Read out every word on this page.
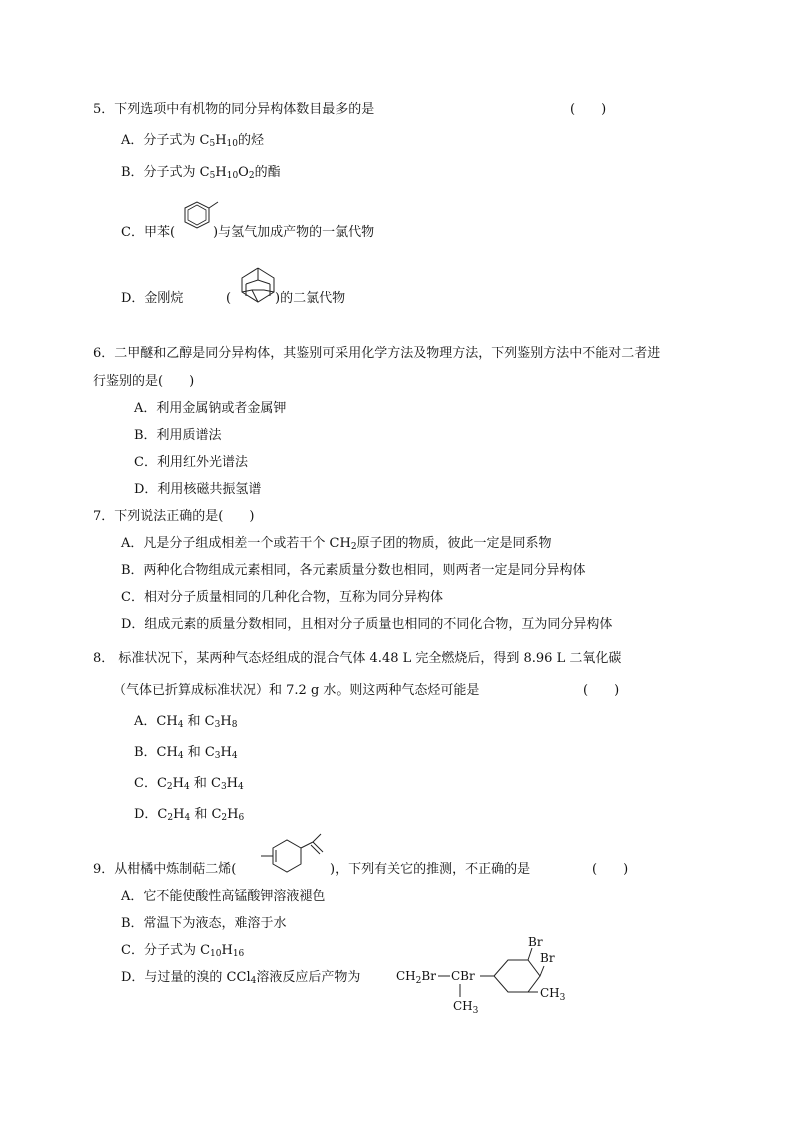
5．下列选项中有机物的同分异构体数目最多的是	(　　)
A．分子式为 $C_5H_{10}$的烃
B．分子式为 $C_5H_{10}O_2$的酯
C．甲苯(	)与氢气加成产物的一氯代物
D．金刚烷	(	)的二氯代物
6．二甲醚和乙醇是同分异构体，其鉴别可采用化学方法及物理方法，下列鉴别方法中不能对二者进
行鉴别的是(　　)
A．利用金属钠或者金属钾
B．利用质谱法
C．利用红外光谱法
D．利用核磁共振氢谱
7．下列说法正确的是(　　)
A．凡是分子组成相差一个或若干个 $CH_2$原子团的物质，彼此一定是同系物
B．两种化合物组成元素相同，各元素质量分数也相同，则两者一定是同分异构体
C．相对分子质量相同的几种化合物，互称为同分异构体
D．组成元素的质量分数相同，且相对分子质量也相同的不同化合物，互为同分异构体
8． 标准状况下，某两种气态烃组成的混合气体 4.48 L 完全燃烧后，得到 8.96 L 二氧化碳
（气体已折算成标准状况）和 7.2 g 水。则这两种气态烃可能是	(　　)
A．$CH_4$ 和 $C_3H_8$
B．$CH_4$ 和 $C_3H_4$
C．$C_2H_4$ 和 $C_3H_4$
D．$C_2H_4$ 和 $C_2H_6$
9．从柑橘中炼制萜二烯(	)，下列有关它的推测，不正确的是	(　　)
A．它不能使酸性高锰酸钾溶液褪色
B．常温下为液态，难溶于水
C．分子式为 $C_{10}H_{16}$
D．与过量的溴的 CCl$_4$溶液反应后产物为	$CH_2Br$ CBr
$CH_3$
Br
Br
$CH_3$
